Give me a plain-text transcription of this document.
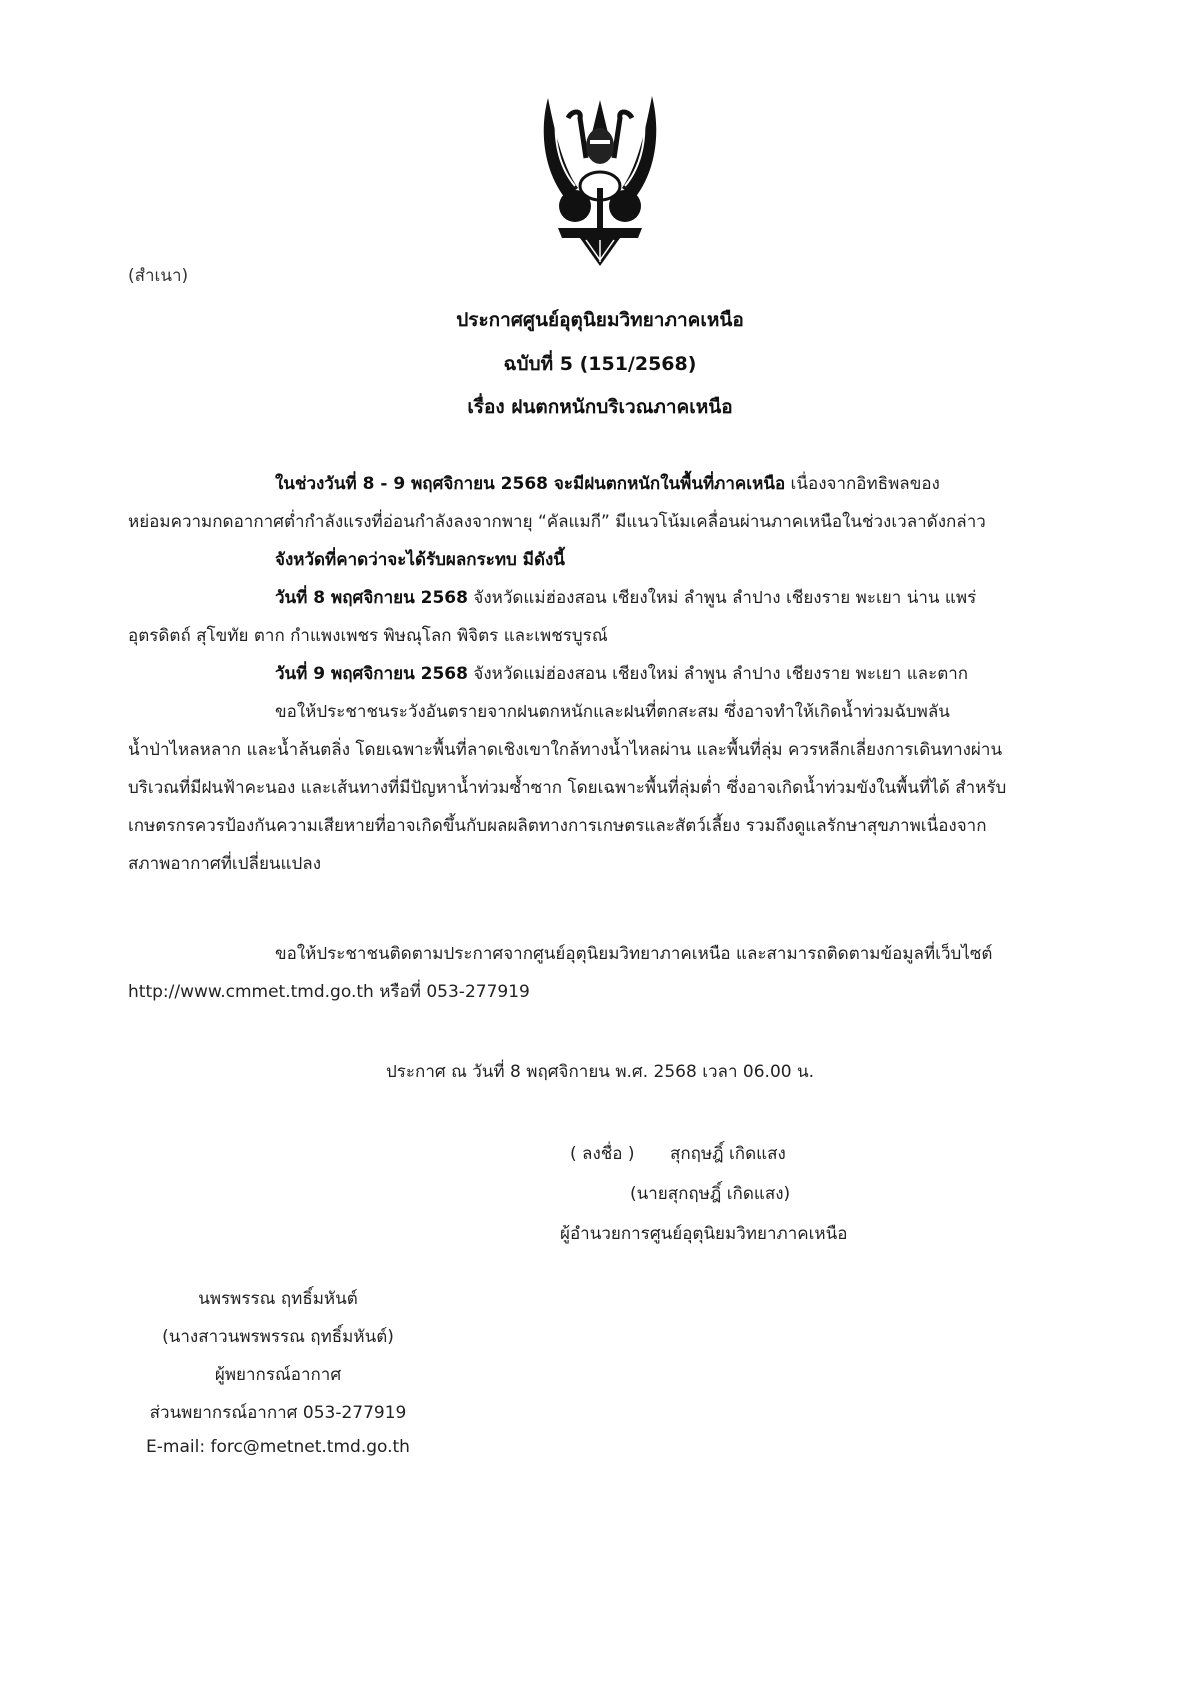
(สำเนา)
ประกาศศูนย์อุตุนิยมวิทยาภาคเหนือ
ฉบับที่ 5 (151/2568)
เรื่อง ฝนตกหนักบริเวณภาคเหนือ
ในช่วงวันที่ 8 - 9 พฤศจิกายน 2568 จะมีฝนตกหนักในพื้นที่ภาคเหนือ เนื่องจากอิทธิพลของ
หย่อมความกดอากาศต่ำกำลังแรงที่อ่อนกำลังลงจากพายุ “คัลแมกี” มีแนวโน้มเคลื่อนผ่านภาคเหนือในช่วงเวลาดังกล่าว
จังหวัดที่คาดว่าจะได้รับผลกระทบ มีดังนี้
วันที่ 8 พฤศจิกายน 2568 จังหวัดแม่ฮ่องสอน เชียงใหม่ ลำพูน ลำปาง เชียงราย พะเยา น่าน แพร่
อุตรดิตถ์ สุโขทัย ตาก กำแพงเพชร พิษณุโลก พิจิตร และเพชรบูรณ์
วันที่ 9 พฤศจิกายน 2568 จังหวัดแม่ฮ่องสอน เชียงใหม่ ลำพูน ลำปาง เชียงราย พะเยา และตาก
ขอให้ประชาชนระวังอันตรายจากฝนตกหนักและฝนที่ตกสะสม ซึ่งอาจทำให้เกิดน้ำท่วมฉับพลัน
น้ำป่าไหลหลาก และน้ำล้นตลิ่ง โดยเฉพาะพื้นที่ลาดเชิงเขาใกล้ทางน้ำไหลผ่าน และพื้นที่ลุ่ม ควรหลีกเลี่ยงการเดินทางผ่าน
บริเวณที่มีฝนฟ้าคะนอง และเส้นทางที่มีปัญหาน้ำท่วมซ้ำซาก โดยเฉพาะพื้นที่ลุ่มต่ำ ซึ่งอาจเกิดน้ำท่วมขังในพื้นที่ได้ สำหรับ
เกษตรกรควรป้องกันความเสียหายที่อาจเกิดขึ้นกับผลผลิตทางการเกษตรและสัตว์เลี้ยง รวมถึงดูแลรักษาสุขภาพเนื่องจาก
สภาพอากาศที่เปลี่ยนแปลง
ขอให้ประชาชนติดตามประกาศจากศูนย์อุตุนิยมวิทยาภาคเหนือ และสามารถติดตามข้อมูลที่เว็บไซต์
http://www.cmmet.tmd.go.th หรือที่ 053-277919
ประกาศ ณ วันที่ 8 พฤศจิกายน พ.ศ. 2568 เวลา 06.00 น.
( ลงชื่อ ) สุกฤษฎิ์ เกิดแสง
(นายสุกฤษฎิ์ เกิดแสง)
ผู้อำนวยการศูนย์อุตุนิยมวิทยาภาคเหนือ
นพรพรรณ ฤทธิ์มหันต์
(นางสาวนพรพรรณ ฤทธิ์มหันต์)
ผู้พยากรณ์อากาศ
ส่วนพยากรณ์อากาศ 053-277919
E-mail: forc@metnet.tmd.go.th
